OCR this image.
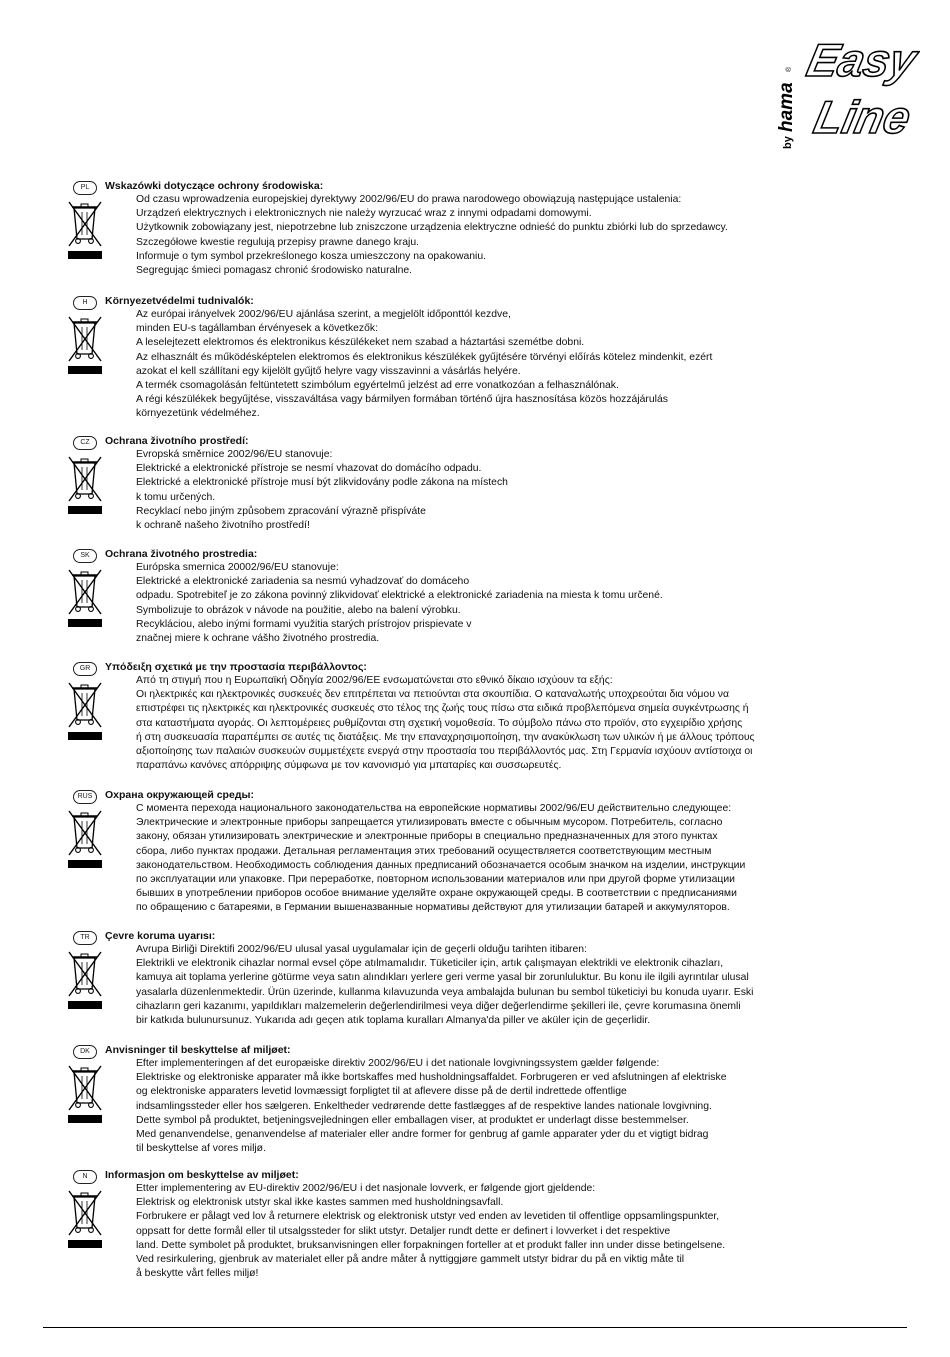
by
hama
® Easy
Line
PL	Wskazówki dotyczące ochrony środowiska:
Od czasu wprowadzenia europejskiej dyrektywy 2002/96/EU do prawa narodowego obowiązują następujące ustalenia:
Urządzeń elektrycznych i elektronicznych nie należy wyrzucać wraz z innymi odpadami domowymi.
Użytkownik zobowiązany jest, niepotrzebne lub zniszczone urządzenia elektryczne odnieść do punktu zbiórki lub do sprzedawcy.
Szczegółowe kwestie regulują przepisy prawne danego kraju.
Informuje o tym symbol przekreślonego kosza umieszczony na opakowaniu.
Segregując śmieci pomagasz chronić środowisko naturalne.
H	Környezetvédelmi tudnivalók:
Az európai irányelvek 2002/96/EU ajánlása szerint, a megjelölt időponttól kezdve,
minden EU-s tagállamban érvényesek a következők:
A leselejtezett elektromos és elektronikus készülékeket nem szabad a háztartási szemétbe dobni.
Az elhasznált és működésképtelen elektromos és elektronikus készülékek gyűjtésére törvényi előírás kötelez mindenkit, ezért
azokat el kell szállítani egy kijelölt gyűjtő helyre vagy visszavinni a vásárlás helyére.
A termék csomagolásán feltüntetett szimbólum egyértelmű jelzést ad erre vonatkozóan a felhasználónak.
A régi készülékek begyűjtése, visszaváltása vagy bármilyen formában történő újra hasznosítása közös hozzájárulás
környezetünk védelméhez.
CZ	Ochrana životního prostředí:
Evropská směrnice 2002/96/EU stanovuje:
Elektrické a elektronické přístroje se nesmí vhazovat do domácího odpadu.
Elektrické a elektronické přístroje musí být zlikvidovány podle zákona na místech
k tomu určených.
Recyklací nebo jiným způsobem zpracování výrazně přispíváte
k ochraně našeho životního prostředí!
SK	Ochrana životného prostredia:
Európska smernica 20002/96/EU stanovuje:
Elektrické a elektronické zariadenia sa nesmú vyhadzovať do domáceho
odpadu. Spotrebiteľ je zo zákona povinný zlikvidovať elektrické a elektronické zariadenia na miesta k tomu určené.
Symbolizuje to obrázok v návode na použitie, alebo na balení výrobku.
Recykláciou, alebo inými formami využitia starých prístrojov prispievate v
značnej miere k ochrane vášho životného prostredia.
GR	Υπόδειξη σχετικά με την προστασία περιβάλλοντος:
Από τη στιγμή που η Ευρωπαϊκή Οδηγία 2002/96/EE ενσωματώνεται στο εθνικό δίκαιο ισχύουν τα εξής:
Οι ηλεκτρικές και ηλεκτρονικές συσκευές δεν επιτρέπεται να πετιούνται στα σκουπίδια. Ο καταναλωτής υποχρεούται δια νόμου να
επιστρέφει τις ηλεκτρικές και ηλεκτρονικές συσκευές στο τέλος της ζωής τους πίσω στα ειδικά προβλεπόμενα σημεία συγκέντρωσης ή
στα καταστήματα αγοράς. Οι λεπτομέρειες ρυθμίζονται στη σχετική νομοθεσία. Το σύμβολο πάνω στο προϊόν, στο εγχειρίδιο χρήσης
ή στη συσκευασία παραπέμπει σε αυτές τις διατάξεις. Με την επαναχρησιμοποίηση, την ανακύκλωση των υλικών ή με άλλους τρόπους
αξιοποίησης των παλαιών συσκευών συμμετέχετε ενεργά στην προστασία του περιβάλλοντός μας. Στη Γερμανία ισχύουν αντίστοιχα οι
παραπάνω κανόνες απόρριψης σύμφωνα με τον κανονισμό για μπαταρίες και συσσωρευτές.
RUS	Охрана окружающей среды:
С момента перехода национального законодательства на европейские нормативы 2002/96/EU действительно следующее:
Электрические и электронные приборы запрещается утилизировать вместе с обычным мусором. Потребитель, согласно
закону, обязан утилизировать электрические и электронные приборы в специально предназначенных для этого пунктах
сбора, либо пунктах продажи. Детальная регламентация этих требований осуществляется соответствующим местным
законодательством. Необходимость соблюдения данных предписаний обозначается особым значком на изделии, инструкции
по эксплуатации или упаковке. При переработке, повторном использовании материалов или при другой форме утилизации
бывших в употреблении приборов особое внимание уделяйте охране окружающей среды. В соответствии с предписаниями
по обращению с батареями, в Германии вышеназванные нормативы действуют для утилизации батарей и аккумуляторов.
TR	Çevre koruma uyarısı:
Avrupa Birliği Direktifi 2002/96/EU ulusal yasal uygulamalar için de geçerli olduğu tarihten itibaren:
Elektrikli ve elektronik cihazlar normal evsel çöpe atılmamalıdır. Tüketiciler için, artık çalışmayan elektrikli ve elektronik cihazları,
kamuya ait toplama yerlerine götürme veya satın alındıkları yerlere geri verme yasal bir zorunluluktur. Bu konu ile ilgili ayrıntılar ulusal
yasalarla düzenlenmektedir. Ürün üzerinde, kullanma kılavuzunda veya ambalajda bulunan bu sembol tüketiciyi bu konuda uyarır. Eski
cihazların geri kazanımı, yapıldıkları malzemelerin değerlendirilmesi veya diğer değerlendirme şekilleri ile, çevre korumasına önemli
bir katkıda bulunursunuz. Yukarıda adı geçen atık toplama kuralları Almanya'da piller ve aküler için de geçerlidir.
DK	Anvisninger til beskyttelse af miljøet:
Efter implementeringen af det europæiske direktiv 2002/96/EU i det nationale lovgivningssystem gælder følgende:
Elektriske og elektroniske apparater må ikke bortskaffes med husholdningsaffaldet. Forbrugeren er ved afslutningen af elektriske
og elektroniske apparaters levetid lovmæssigt forpligtet til at aflevere disse på de dertil indrettede offentlige
indsamlingssteder eller hos sælgeren. Enkeltheder vedrørende dette fastlægges af de respektive landes nationale lovgivning.
Dette symbol på produktet, betjeningsvejledningen eller emballagen viser, at produktet er underlagt disse bestemmelser.
Med genanvendelse, genanvendelse af materialer eller andre former for genbrug af gamle apparater yder du et vigtigt bidrag
til beskyttelse af vores miljø.
N	Informasjon om beskyttelse av miljøet:
Etter implementering av EU-direktiv 2002/96/EU i det nasjonale lovverk, er følgende gjort gjeldende:
Elektrisk og elektronisk utstyr skal ikke kastes sammen med husholdningsavfall.
Forbrukere er pålagt ved lov å returnere elektrisk og elektronisk utstyr ved enden av levetiden til offentlige oppsamlingspunkter,
oppsatt for dette formål eller til utsalgssteder for slikt utstyr. Detaljer rundt dette er definert i lovverket i det respektive
land. Dette symbolet på produktet, bruksanvisningen eller forpakningen forteller at et produkt faller inn under disse betingelsene.
Ved resirkulering, gjenbruk av materialet eller på andre måter å nyttiggjøre gammelt utstyr bidrar du på en viktig måte til
å beskytte vårt felles miljø!
